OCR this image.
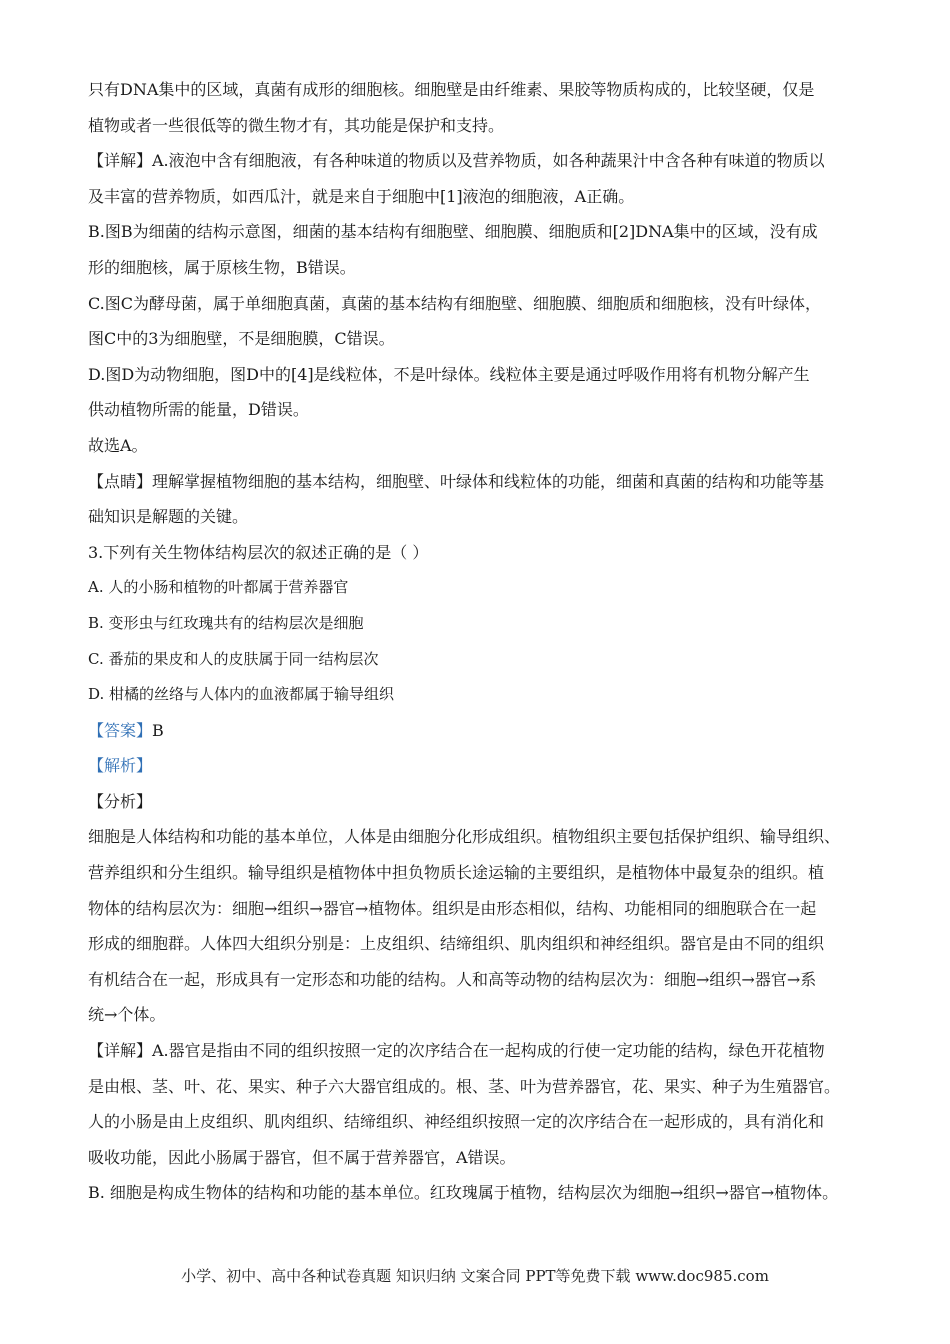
只有DNA集中的区域，真菌有成形的细胞核。细胞壁是由纤维素、果胶等物质构成的，比较坚硬，仅是
植物或者一些很低等的微生物才有，其功能是保护和支持。
【详解】A.液泡中含有细胞液，有各种味道的物质以及营养物质，如各种蔬果汁中含各种有味道的物质以
及丰富的营养物质，如西瓜汁，就是来自于细胞中[1]液泡的细胞液，A正确。
B.图B为细菌的结构示意图，细菌的基本结构有细胞壁、细胞膜、细胞质和[2]DNA集中的区域，没有成
形的细胞核，属于原核生物，B错误。
C.图C为酵母菌，属于单细胞真菌，真菌的基本结构有细胞壁、细胞膜、细胞质和细胞核，没有叶绿体，
图C中的3为细胞壁，不是细胞膜，C错误。
D.图D为动物细胞，图D中的[4]是线粒体，不是叶绿体。线粒体主要是通过呼吸作用将有机物分解产生
供动植物所需的能量，D错误。
故选A。
【点睛】理解掌握植物细胞的基本结构，细胞壁、叶绿体和线粒体的功能，细菌和真菌的结构和功能等基
础知识是解题的关键。
3.下列有关生物体结构层次的叙述正确的是（ ）
A. 人的小肠和植物的叶都属于营养器官
B. 变形虫与红玫瑰共有的结构层次是细胞
C. 番茄的果皮和人的皮肤属于同一结构层次
D. 柑橘的丝络与人体内的血液都属于输导组织
【答案】B
【解析】
【分析】
细胞是人体结构和功能的基本单位，人体是由细胞分化形成组织。植物组织主要包括保护组织、输导组织、
营养组织和分生组织。输导组织是植物体中担负物质长途运输的主要组织，是植物体中最复杂的组织。植
物体的结构层次为：细胞→组织→器官→植物体。组织是由形态相似，结构、功能相同的细胞联合在一起
形成的细胞群。人体四大组织分别是：上皮组织、结缔组织、肌肉组织和神经组织。器官是由不同的组织
有机结合在一起，形成具有一定形态和功能的结构。人和高等动物的结构层次为：细胞→组织→器官→系
统→个体。
【详解】A.器官是指由不同的组织按照一定的次序结合在一起构成的行使一定功能的结构，绿色开花植物
是由根、茎、叶、花、果实、种子六大器官组成的。根、茎、叶为营养器官，花、果实、种子为生殖器官。
人的小肠是由上皮组织、肌肉组织、结缔组织、神经组织按照一定的次序结合在一起形成的，具有消化和
吸收功能，因此小肠属于器官，但不属于营养器官，A错误。
B. 细胞是构成生物体的结构和功能的基本单位。红玫瑰属于植物，结构层次为细胞→组织→器官→植物体。
小学、初中、高中各种试卷真题 知识归纳 文案合同 PPT等免费下载 www.doc985.com
